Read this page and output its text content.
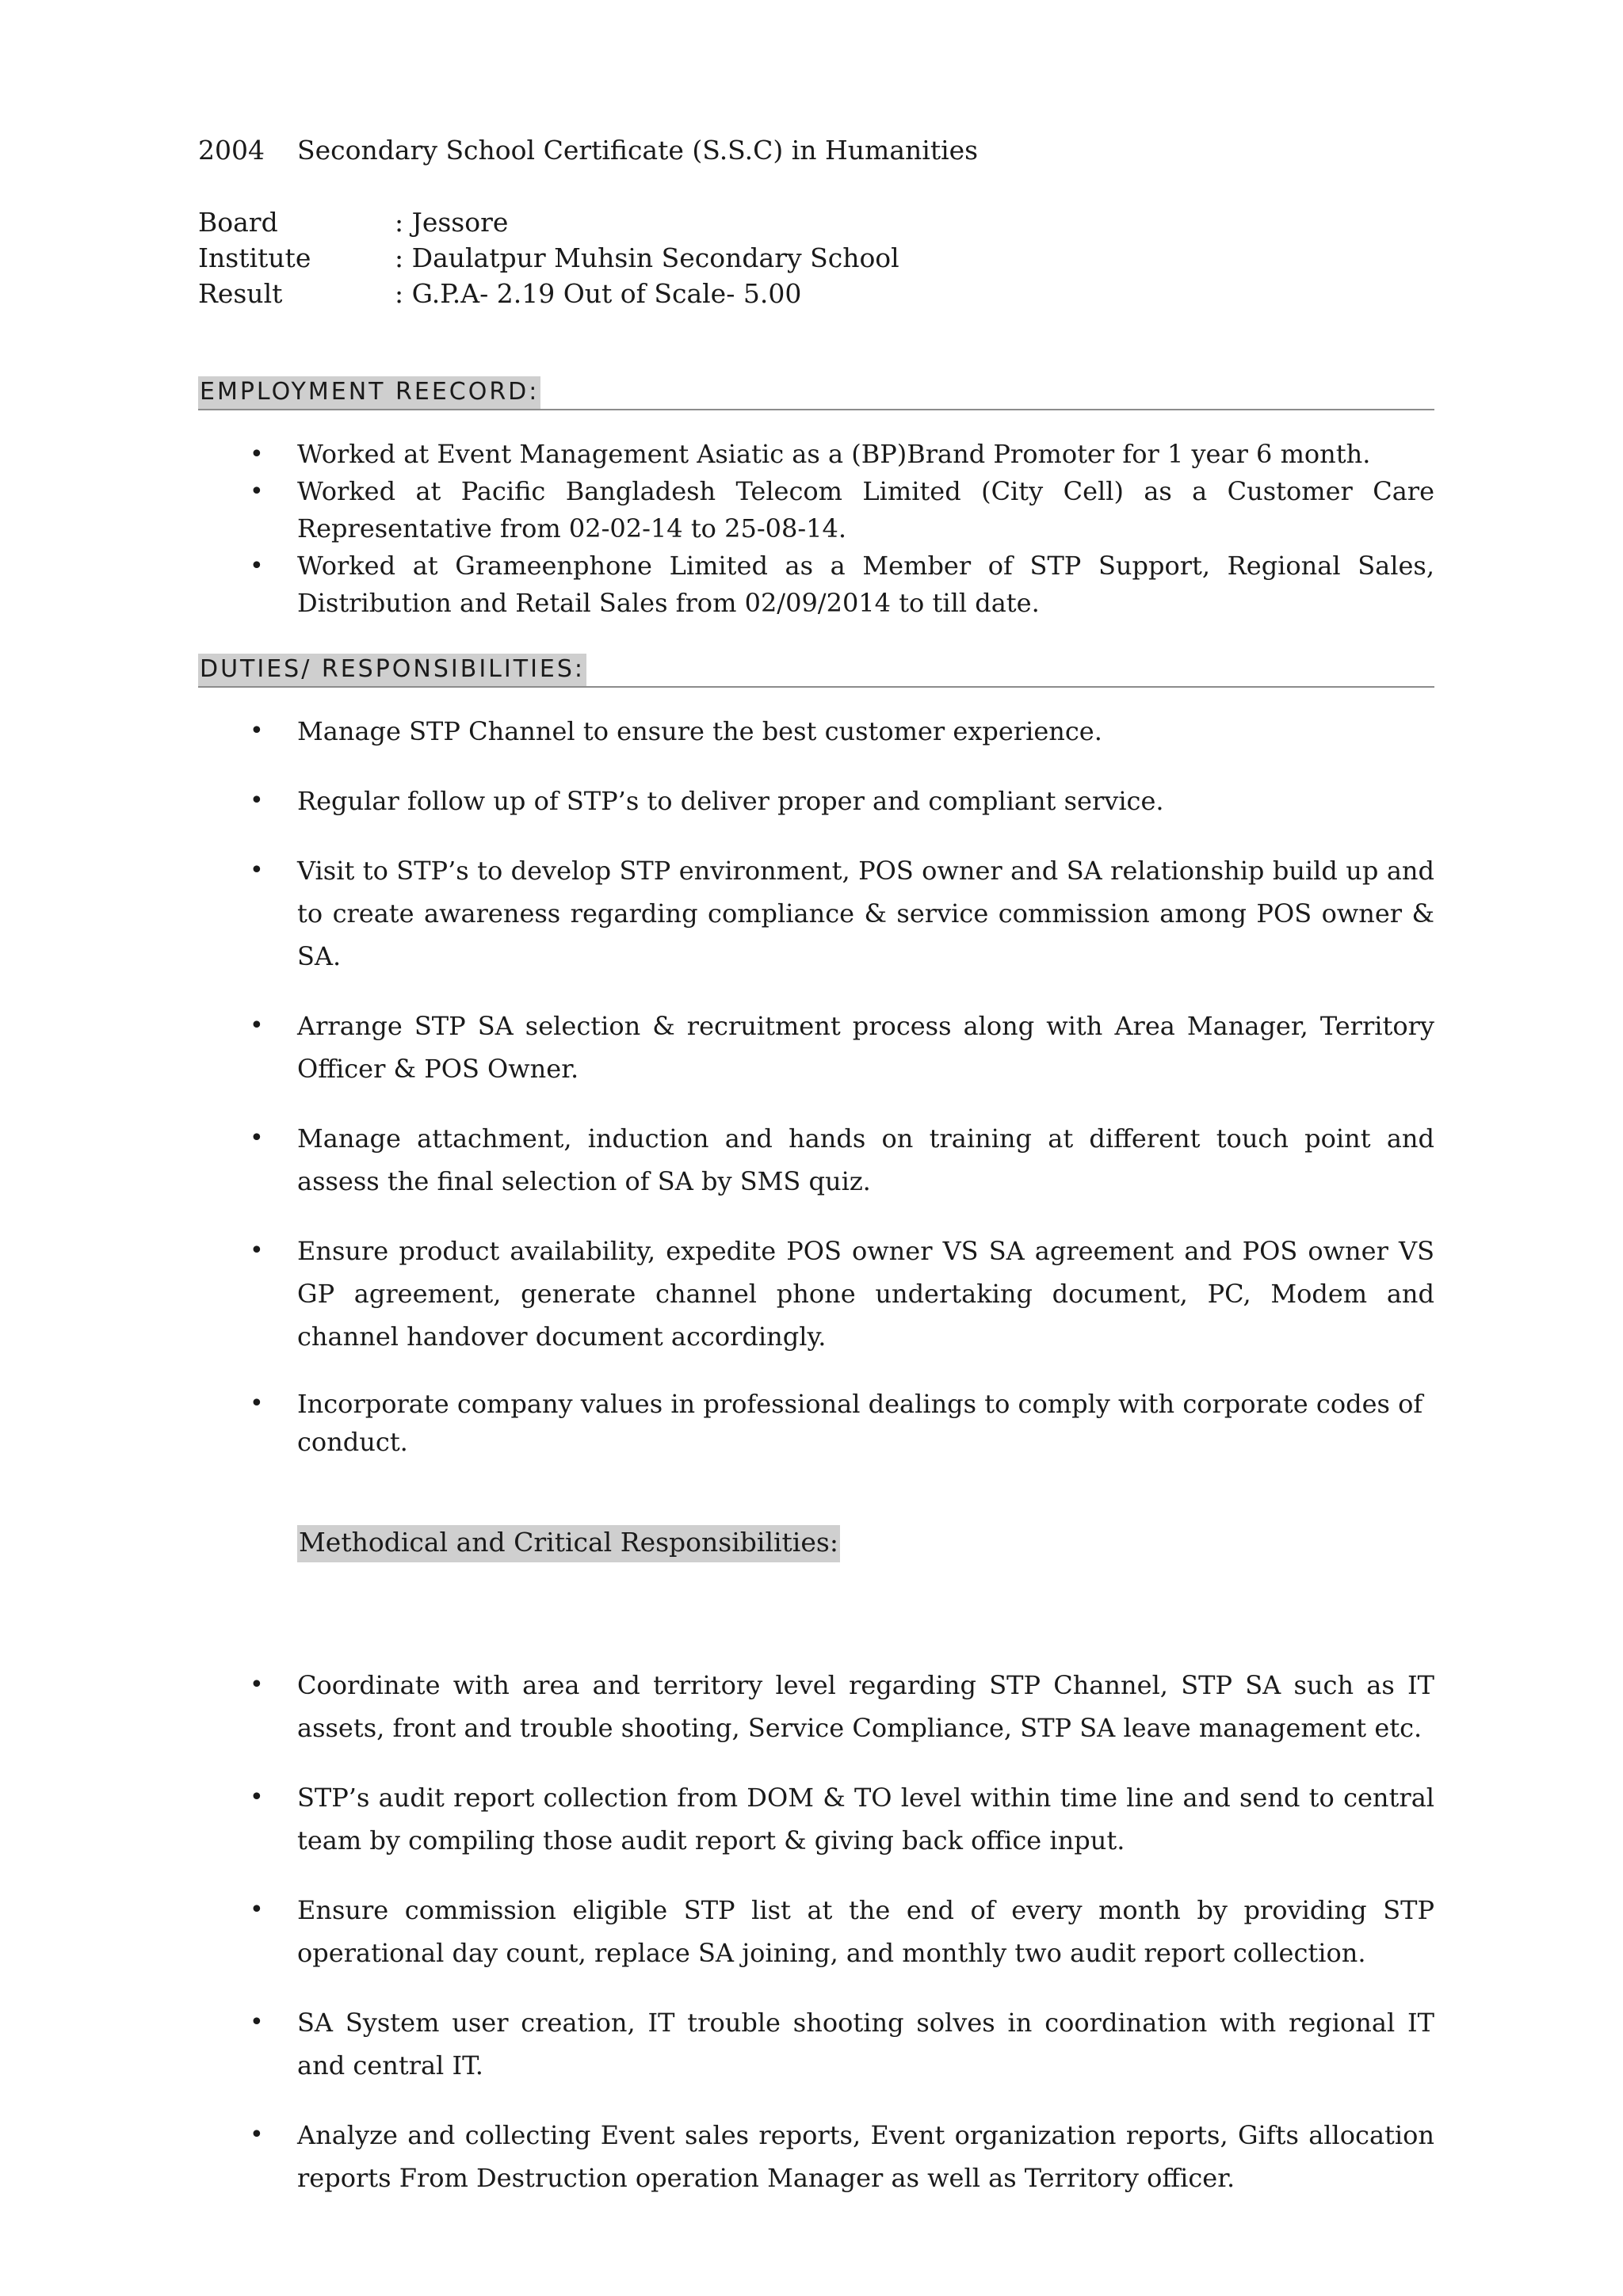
2004 Secondary School Certificate (S.S.C) in Humanities
Board	: Jessore
Institute	: Daulatpur Muhsin Secondary School
Result	: G.P.A- 2.19 Out of Scale- 5.00
EMPLOYMENT REECORD:
• Worked at Event Management Asiatic as a (BP)Brand Promoter for 1 year 6 month.
• Worked at Pacific Bangladesh Telecom Limited (City Cell) as a Customer Care Representative from 02-02-14 to 25-08-14.
• Worked at Grameenphone Limited as a Member of STP Support, Regional Sales, Distribution and Retail Sales from 02/09/2014 to till date.
DUTIES/ RESPONSIBILITIES:
• Manage STP Channel to ensure the best customer experience.
• Regular follow up of STP’s to deliver proper and compliant service.
• Visit to STP’s to develop STP environment, POS owner and SA relationship build up and to create awareness regarding compliance & service commission among POS owner & SA.
• Arrange STP SA selection & recruitment process along with Area Manager, Territory Officer & POS Owner.
• Manage attachment, induction and hands on training at different touch point and assess the final selection of SA by SMS quiz.
• Ensure product availability, expedite POS owner VS SA agreement and POS owner VS GP agreement, generate channel phone undertaking document, PC, Modem and channel handover document accordingly.
• Incorporate company values in professional dealings to comply with corporate codes of conduct.
Methodical and Critical Responsibilities:
• Coordinate with area and territory level regarding STP Channel, STP SA such as IT assets, front and trouble shooting, Service Compliance, STP SA leave management etc.
• STP’s audit report collection from DOM & TO level within time line and send to central team by compiling those audit report & giving back office input.
• Ensure commission eligible STP list at the end of every month by providing STP operational day count, replace SA joining, and monthly two audit report collection.
• SA System user creation, IT trouble shooting solves in coordination with regional IT and central IT.
• Analyze and collecting Event sales reports, Event organization reports, Gifts allocation reports From Destruction operation Manager as well as Territory officer.
